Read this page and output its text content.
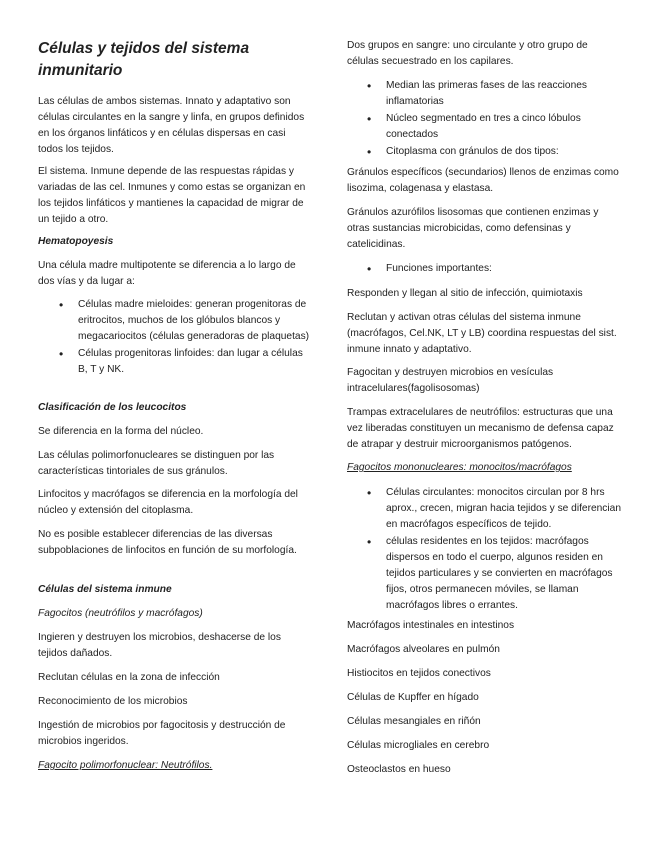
Células y tejidos del sistema inmunitario

Las células de ambos sistemas. Innato y adaptativo son células circulantes en la sangre y linfa, en grupos definidos en los órganos linfáticos y en células dispersas en casi todos los tejidos.

El sistema. Inmune depende de las respuestas rápidas y variadas de las cel. Inmunes y como estas se organizan en los tejidos linfáticos y mantienes la capacidad de migrar de un tejido a otro.

Hematopoyesis

Una célula madre multipotente se diferencia a lo largo de dos vías y da lugar a:

• Células madre mieloides: generan progenitoras de eritrocitos, muchos de los glóbulos blancos y megacariocitos (células generadoras de plaquetas)
• Células progenitoras linfoides: dan lugar a células B, T y NK.

Clasificación de los leucocitos

Se diferencia en la forma del núcleo.

Las células polimorfonucleares se distinguen por las características tintoriales de sus gránulos.

Linfocitos y macrófagos se diferencia en la morfología del núcleo y extensión del citoplasma.

No es posible establecer diferencias de las diversas subpoblaciones de linfocitos en función de su morfología.

Células del sistema inmune

Fagocitos (neutrófilos y macrófagos)

Ingieren y destruyen los microbios, deshacerse de los tejidos dañados.

Reclutan células en la zona de infección

Reconocimiento de los microbios

Ingestión de microbios por fagocitosis y destrucción de microbios ingeridos.

Fagocito polimorfonuclear: Neutrófilos.

Dos grupos en sangre: uno circulante y otro grupo de células secuestrado en los capilares.

• Median las primeras fases de las reacciones inflamatorias
• Núcleo segmentado en tres a cinco lóbulos conectados
• Citoplasma con gránulos de dos tipos:

Gránulos específicos (secundarios) llenos de enzimas como lisozima, colagenasa y elastasa.

Gránulos azurófilos lisosomas que contienen enzimas y otras sustancias microbicidas, como defensinas y catelicidinas.

• Funciones importantes:

Responden y llegan al sitio de infección, quimiotaxis

Reclutan y activan otras células del sistema inmune (macrófagos, Cel.NK, LT y LB) coordina respuestas del sist. inmune innato y adaptativo.

Fagocitan y destruyen microbios en vesículas intracelulares(fagolisosomas)

Trampas extracelulares de neutrófilos: estructuras que una vez liberadas constituyen un mecanismo de defensa capaz de atrapar y destruir microorganismos patógenos.

Fagocitos mononucleares: monocitos/macrófagos

• Células circulantes: monocitos circulan por 8 hrs aprox., crecen, migran hacia tejidos y se diferencian en macrófagos específicos de tejido.
• células residentes en los tejidos: macrófagos dispersos en todo el cuerpo, algunos residen en tejidos particulares y se convierten en macrófagos fijos, otros permanecen móviles, se llaman macrófagos libres o errantes.

Macrófagos intestinales en intestinos

Macrófagos alveolares en pulmón

Histiocitos en tejidos conectivos

Células de Kupffer en hígado

Células mesangiales en riñón

Células microgliales en cerebro

Osteoclastos en hueso
